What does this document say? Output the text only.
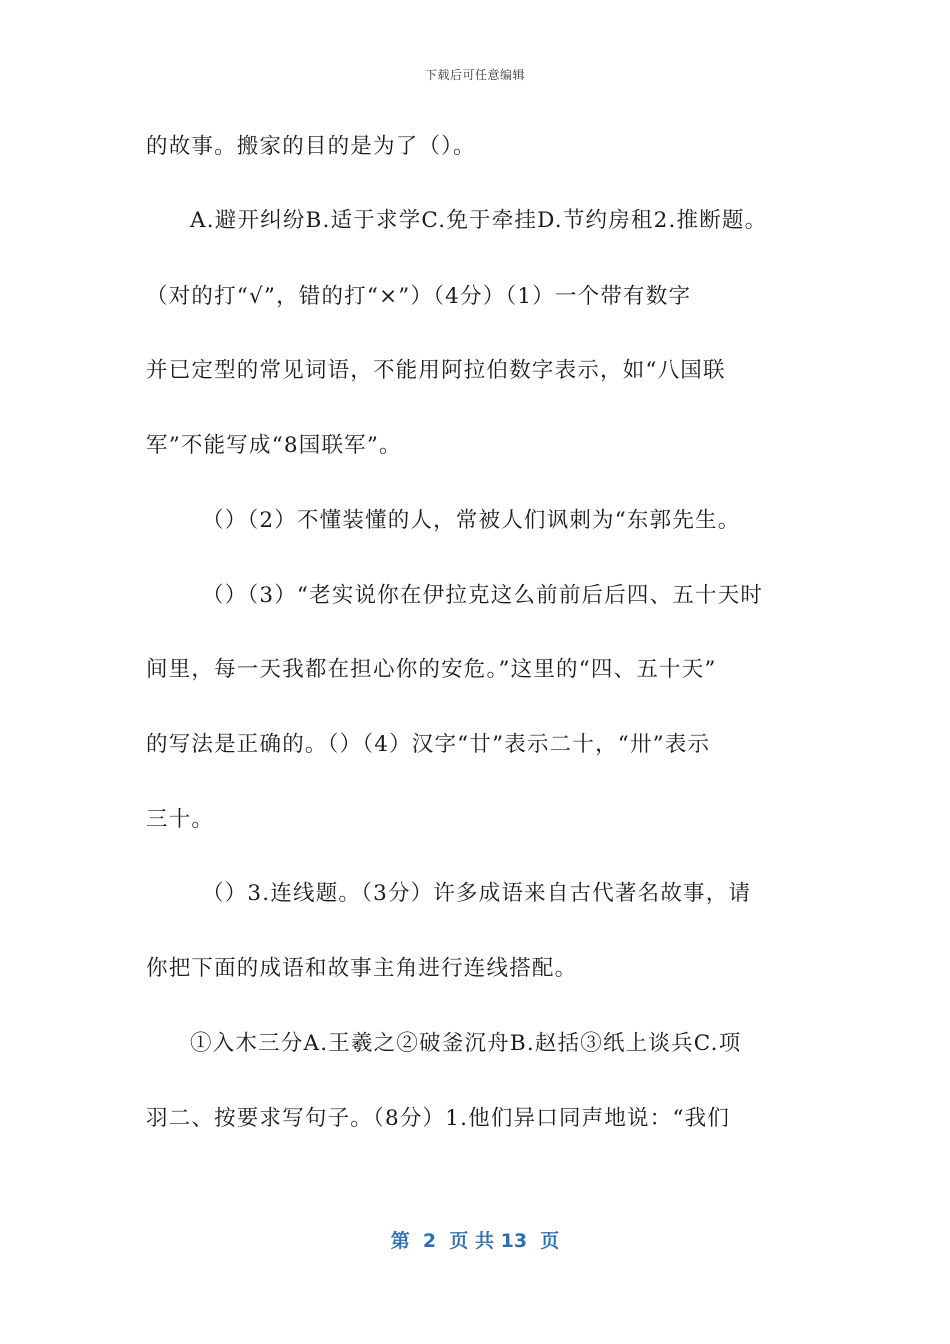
下载后可任意编辑
的故事。搬家的目的是为了（）。
A.避开纠纷B.适于求学C.免于牵挂D.节约房租2.推断题。
（对的打“√”，错的打“×”）（4分）（1）一个带有数字
并已定型的常见词语，不能用阿拉伯数字表示，如“八国联
军”不能写成“8国联军”。
（）（2）不懂装懂的人，常被人们讽刺为“东郭先生。
（）（3）“老实说你在伊拉克这么前前后后四、五十天时
间里，每一天我都在担心你的安危。”这里的“四、五十天”
的写法是正确的。（）（4）汉字“廿”表示二十，“卅”表示
三十。
（）3.连线题。（3分）许多成语来自古代著名故事，请
你把下面的成语和故事主角进行连线搭配。
①入木三分A.王羲之②破釜沉舟B.赵括③纸上谈兵C.项
羽二、按要求写句子。（8分）1.他们异口同声地说：“我们
第  2  页 共 13  页
